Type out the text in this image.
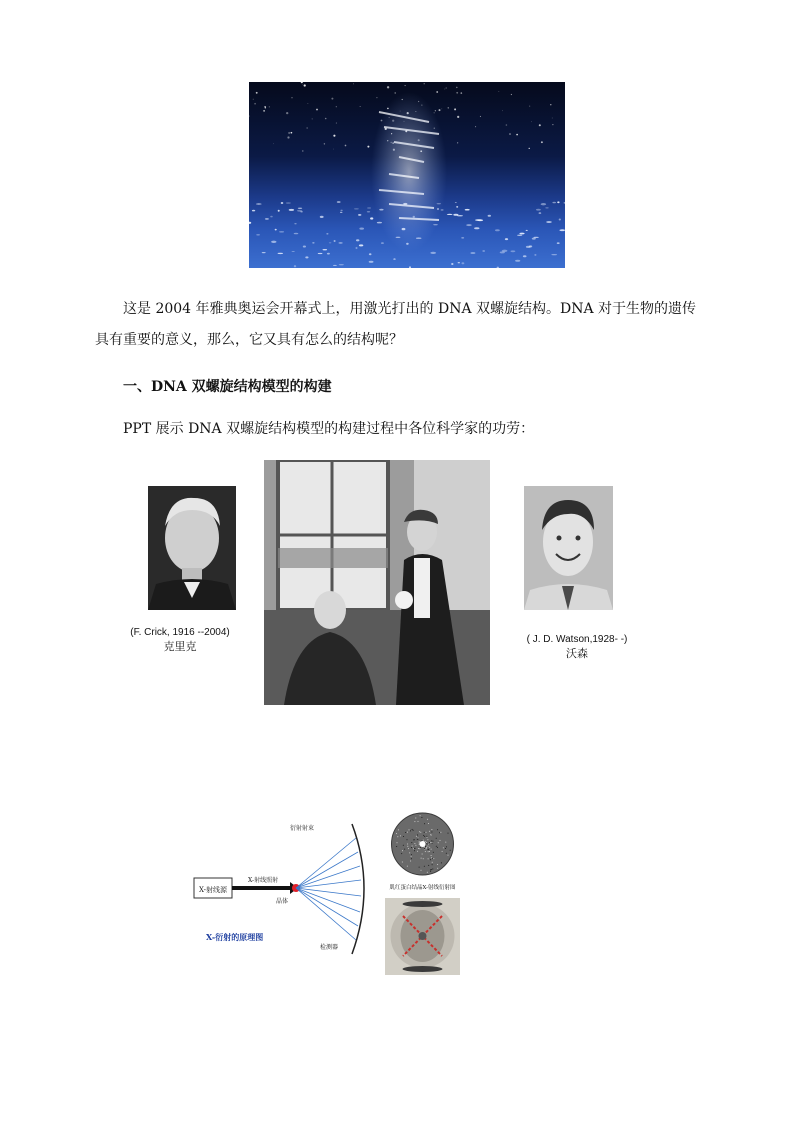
这是 2004 年雅典奥运会开幕式上，用激光打出的 DNA 双螺旋结构。DNA 对于生物的遗传具有重要的意义，那么，它又具有怎么的结构呢？

一、DNA 双螺旋结构模型的构建
PPT 展示 DNA 双螺旋结构模型的构建过程中各位科学家的功劳：
(F. Crick, 1916 --2004)
克里克
( J. D. Watson,1928- -)
沃森
X-射线源
X-射线照射
晶体
衍射射束
检测器
X-衍射的原理图
肌红蛋白结晶X-射线衍射图
